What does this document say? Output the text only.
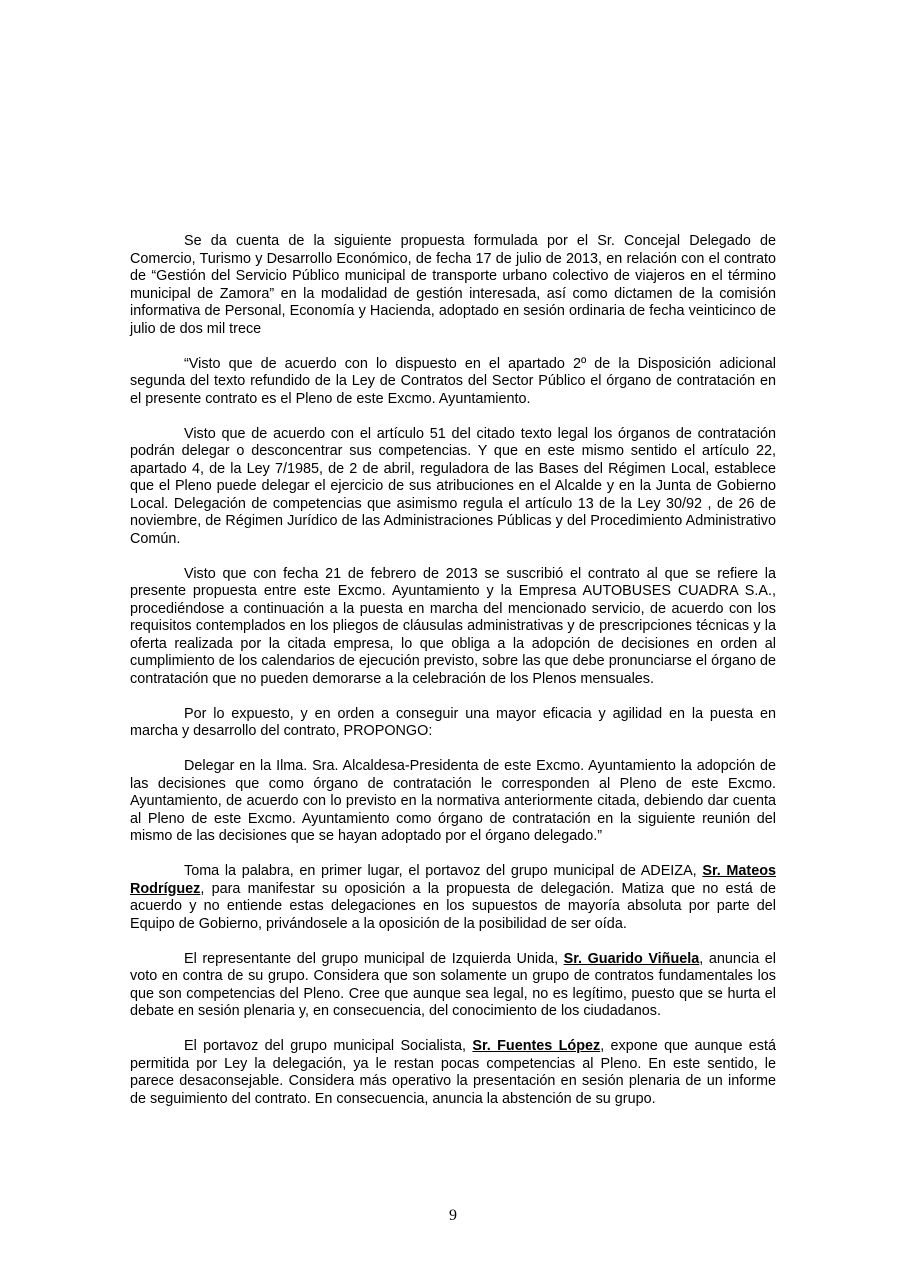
Se da cuenta de la siguiente propuesta formulada por el Sr. Concejal Delegado de Comercio, Turismo y Desarrollo Económico, de fecha 17 de julio de 2013, en relación con el contrato de “Gestión del Servicio Público municipal de transporte urbano colectivo de viajeros en el término municipal de Zamora” en la modalidad de gestión interesada, así como dictamen de la comisión informativa de Personal, Economía y Hacienda, adoptado en sesión ordinaria de fecha veinticinco de julio de dos mil trece

“Visto que de acuerdo con lo dispuesto en el apartado 2º de la Disposición adicional segunda del texto refundido de la Ley de Contratos del Sector Público el órgano de contratación en el presente contrato es el Pleno de este Excmo. Ayuntamiento.

Visto que de acuerdo con el artículo 51 del citado texto legal los órganos de contratación podrán delegar o desconcentrar sus competencias. Y que en este mismo sentido el artículo 22, apartado 4, de la Ley 7/1985, de 2 de abril, reguladora de las Bases del Régimen Local, establece que el Pleno puede delegar el ejercicio de sus atribuciones en el Alcalde y en la Junta de Gobierno Local. Delegación de competencias que asimismo regula el artículo 13 de la Ley 30/92 , de 26 de noviembre, de Régimen Jurídico de las Administraciones Públicas y del Procedimiento Administrativo Común.

Visto que con fecha 21 de febrero de 2013 se suscribió el contrato al que se refiere la presente propuesta entre este Excmo. Ayuntamiento y la Empresa AUTOBUSES CUADRA S.A., procediéndose a continuación a la puesta en marcha del mencionado servicio, de acuerdo con los requisitos contemplados en los pliegos de cláusulas administrativas y de prescripciones técnicas y la oferta realizada por la citada empresa, lo que obliga a la adopción de decisiones en orden al cumplimiento de los calendarios de ejecución previsto, sobre las que debe pronunciarse el órgano de contratación que no pueden demorarse a la celebración de los Plenos mensuales.

Por lo expuesto, y en orden a conseguir una mayor eficacia y agilidad en la puesta en marcha y desarrollo del contrato, PROPONGO:

Delegar en la Ilma. Sra. Alcaldesa-Presidenta de este Excmo. Ayuntamiento la adopción de las decisiones que como órgano de contratación le corresponden al Pleno de este Excmo. Ayuntamiento, de acuerdo con lo previsto en la normativa anteriormente citada, debiendo dar cuenta al Pleno de este Excmo. Ayuntamiento como órgano de contratación en la siguiente reunión del mismo de las decisiones que se hayan adoptado por el órgano delegado.”

Toma la palabra, en primer lugar, el portavoz del grupo municipal de ADEIZA, Sr. Mateos Rodríguez, para manifestar su oposición a la propuesta de delegación. Matiza que no está de acuerdo y no entiende estas delegaciones en los supuestos de mayoría absoluta por parte del Equipo de Gobierno, privándosele a la oposición de la posibilidad de ser oída.

El representante del grupo municipal de Izquierda Unida, Sr. Guarido Viñuela, anuncia el voto en contra de su grupo. Considera que son solamente un grupo de contratos fundamentales los que son competencias del Pleno. Cree que aunque sea legal, no es legítimo, puesto que se hurta el debate en sesión plenaria y, en consecuencia, del conocimiento de los ciudadanos.

El portavoz del grupo municipal Socialista, Sr. Fuentes López, expone que aunque está permitida por Ley la delegación, ya le restan pocas competencias al Pleno. En este sentido, le parece desaconsejable. Considera más operativo la presentación en sesión plenaria de un informe de seguimiento del contrato. En consecuencia, anuncia la abstención de su grupo.

9
